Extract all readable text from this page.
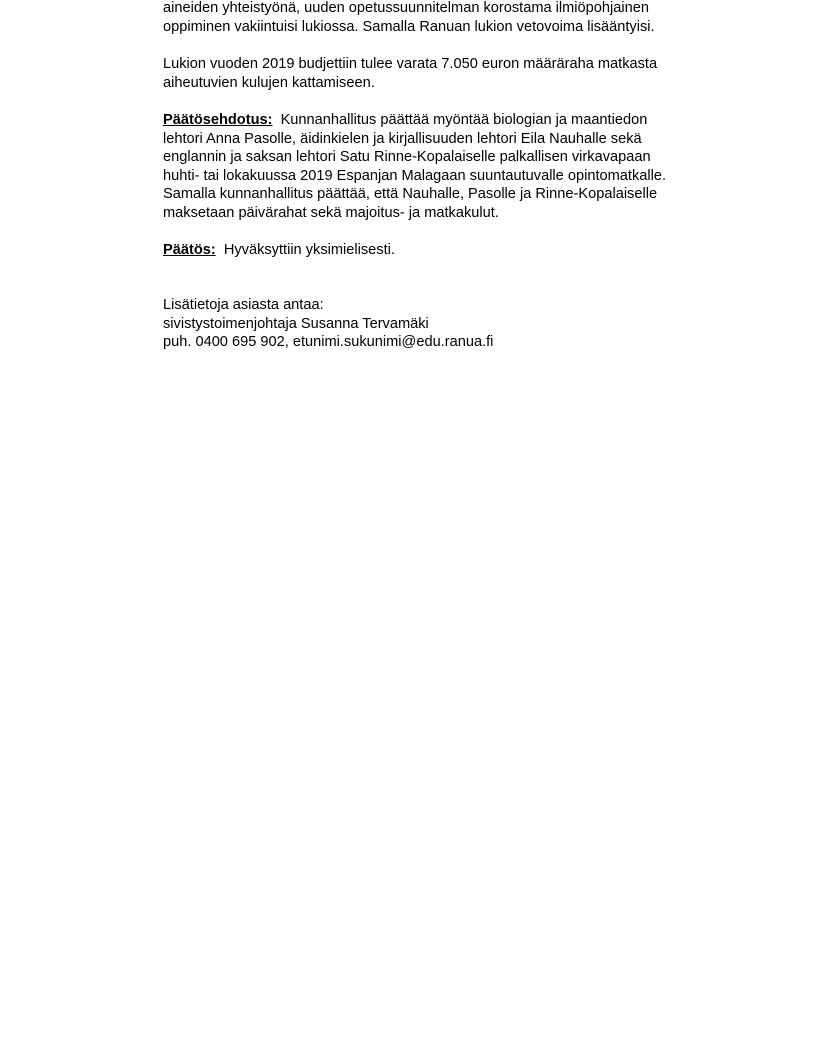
aineiden yhteistyönä, uuden opetussuunnitelman korostama ilmiöpohjainen
oppiminen vakiintuisi lukiossa. Samalla Ranuan lukion vetovoima lisääntyisi.
Lukion vuoden 2019 budjettiin tulee varata 7.050 euron määräraha matkasta
aiheutuvien kulujen kattamiseen.
Päätösehdotus: Kunnanhallitus päättää myöntää biologian ja maantiedon
lehtori Anna Pasolle, äidinkielen ja kirjallisuuden lehtori Eila Nauhalle sekä
englannin ja saksan lehtori Satu Rinne-Kopalaiselle palkallisen virkavapaan
huhti- tai lokakuussa 2019 Espanjan Malagaan suuntautuvalle opintomatkalle.
Samalla kunnanhallitus päättää, että Nauhalle, Pasolle ja Rinne-Kopalaiselle
maksetaan päivärahat sekä majoitus- ja matkakulut.
Päätös: Hyväksyttiin yksimielisesti.
Lisätietoja asiasta antaa:
sivistystoimenjohtaja Susanna Tervamäki
puh. 0400 695 902, etunimi.sukunimi@edu.ranua.fi
